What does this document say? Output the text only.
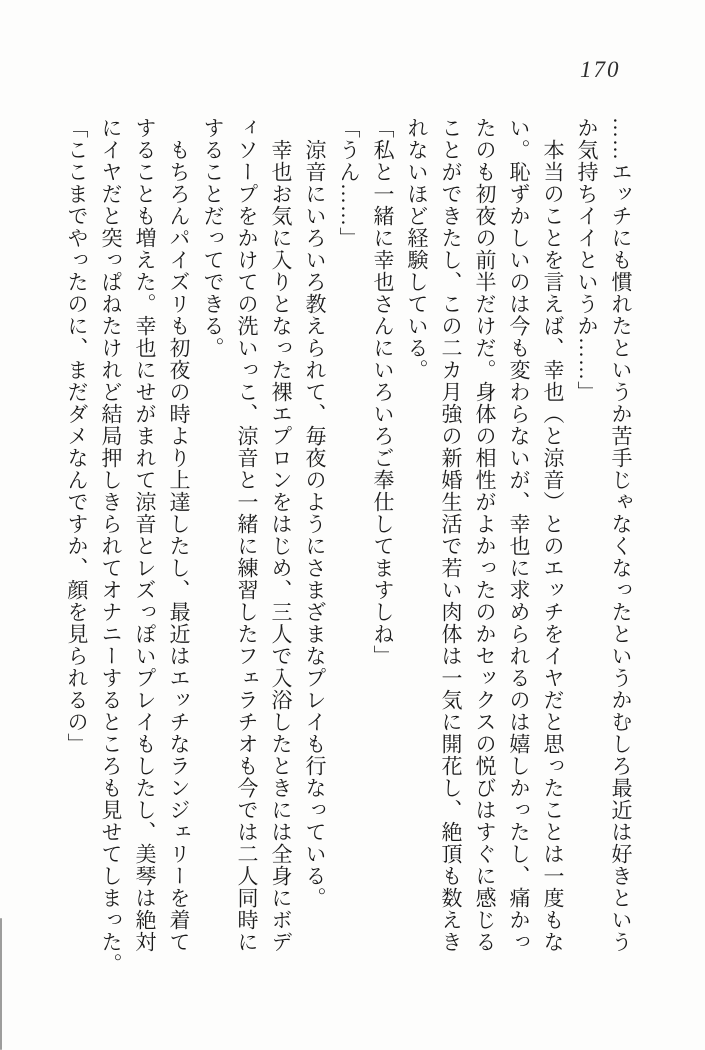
170

……エッチにも慣れたというか苦手じゃなくなったというかむしろ最近は好きという

か気持ちイイというか……」

本当のことを言えば、幸也（と涼音）とのエッチをイヤだと思ったことは一度もな

い。恥ずかしいのは今も変わらないが、幸也に求められるのは嬉しかったし、痛かっ

たのも初夜の前半だけだ。身体の相性がよかったのかセックスの悦びはすぐに感じる

ことができたし、この二カ月強の新婚生活で若い肉体は一気に開花し、絶頂も数えき

れないほど経験している。

「私と一緒に幸也さんにいろいろご奉仕してますしね」

「うん……」

涼音にいろいろ教えられて、毎夜のようにさまざまなプレイも行なっている。

幸也お気に入りとなった裸エプロンをはじめ、三人で入浴したときには全身にボデ

ィソープをかけての洗いっこ、涼音と一緒に練習したフェラチオも今では二人同時に

することだってできる。

もちろんパイズリも初夜の時より上達したし、最近はエッチなランジェリーを着て

することも増えた。幸也にせがまれて涼音とレズっぽいプレイもしたし、美琴は絶対

にイヤだと突っぱねたけれど結局押しきられてオナニーするところも見せてしまった。

「ここまでやったのに、まだダメなんですか、顔を見られるの」
